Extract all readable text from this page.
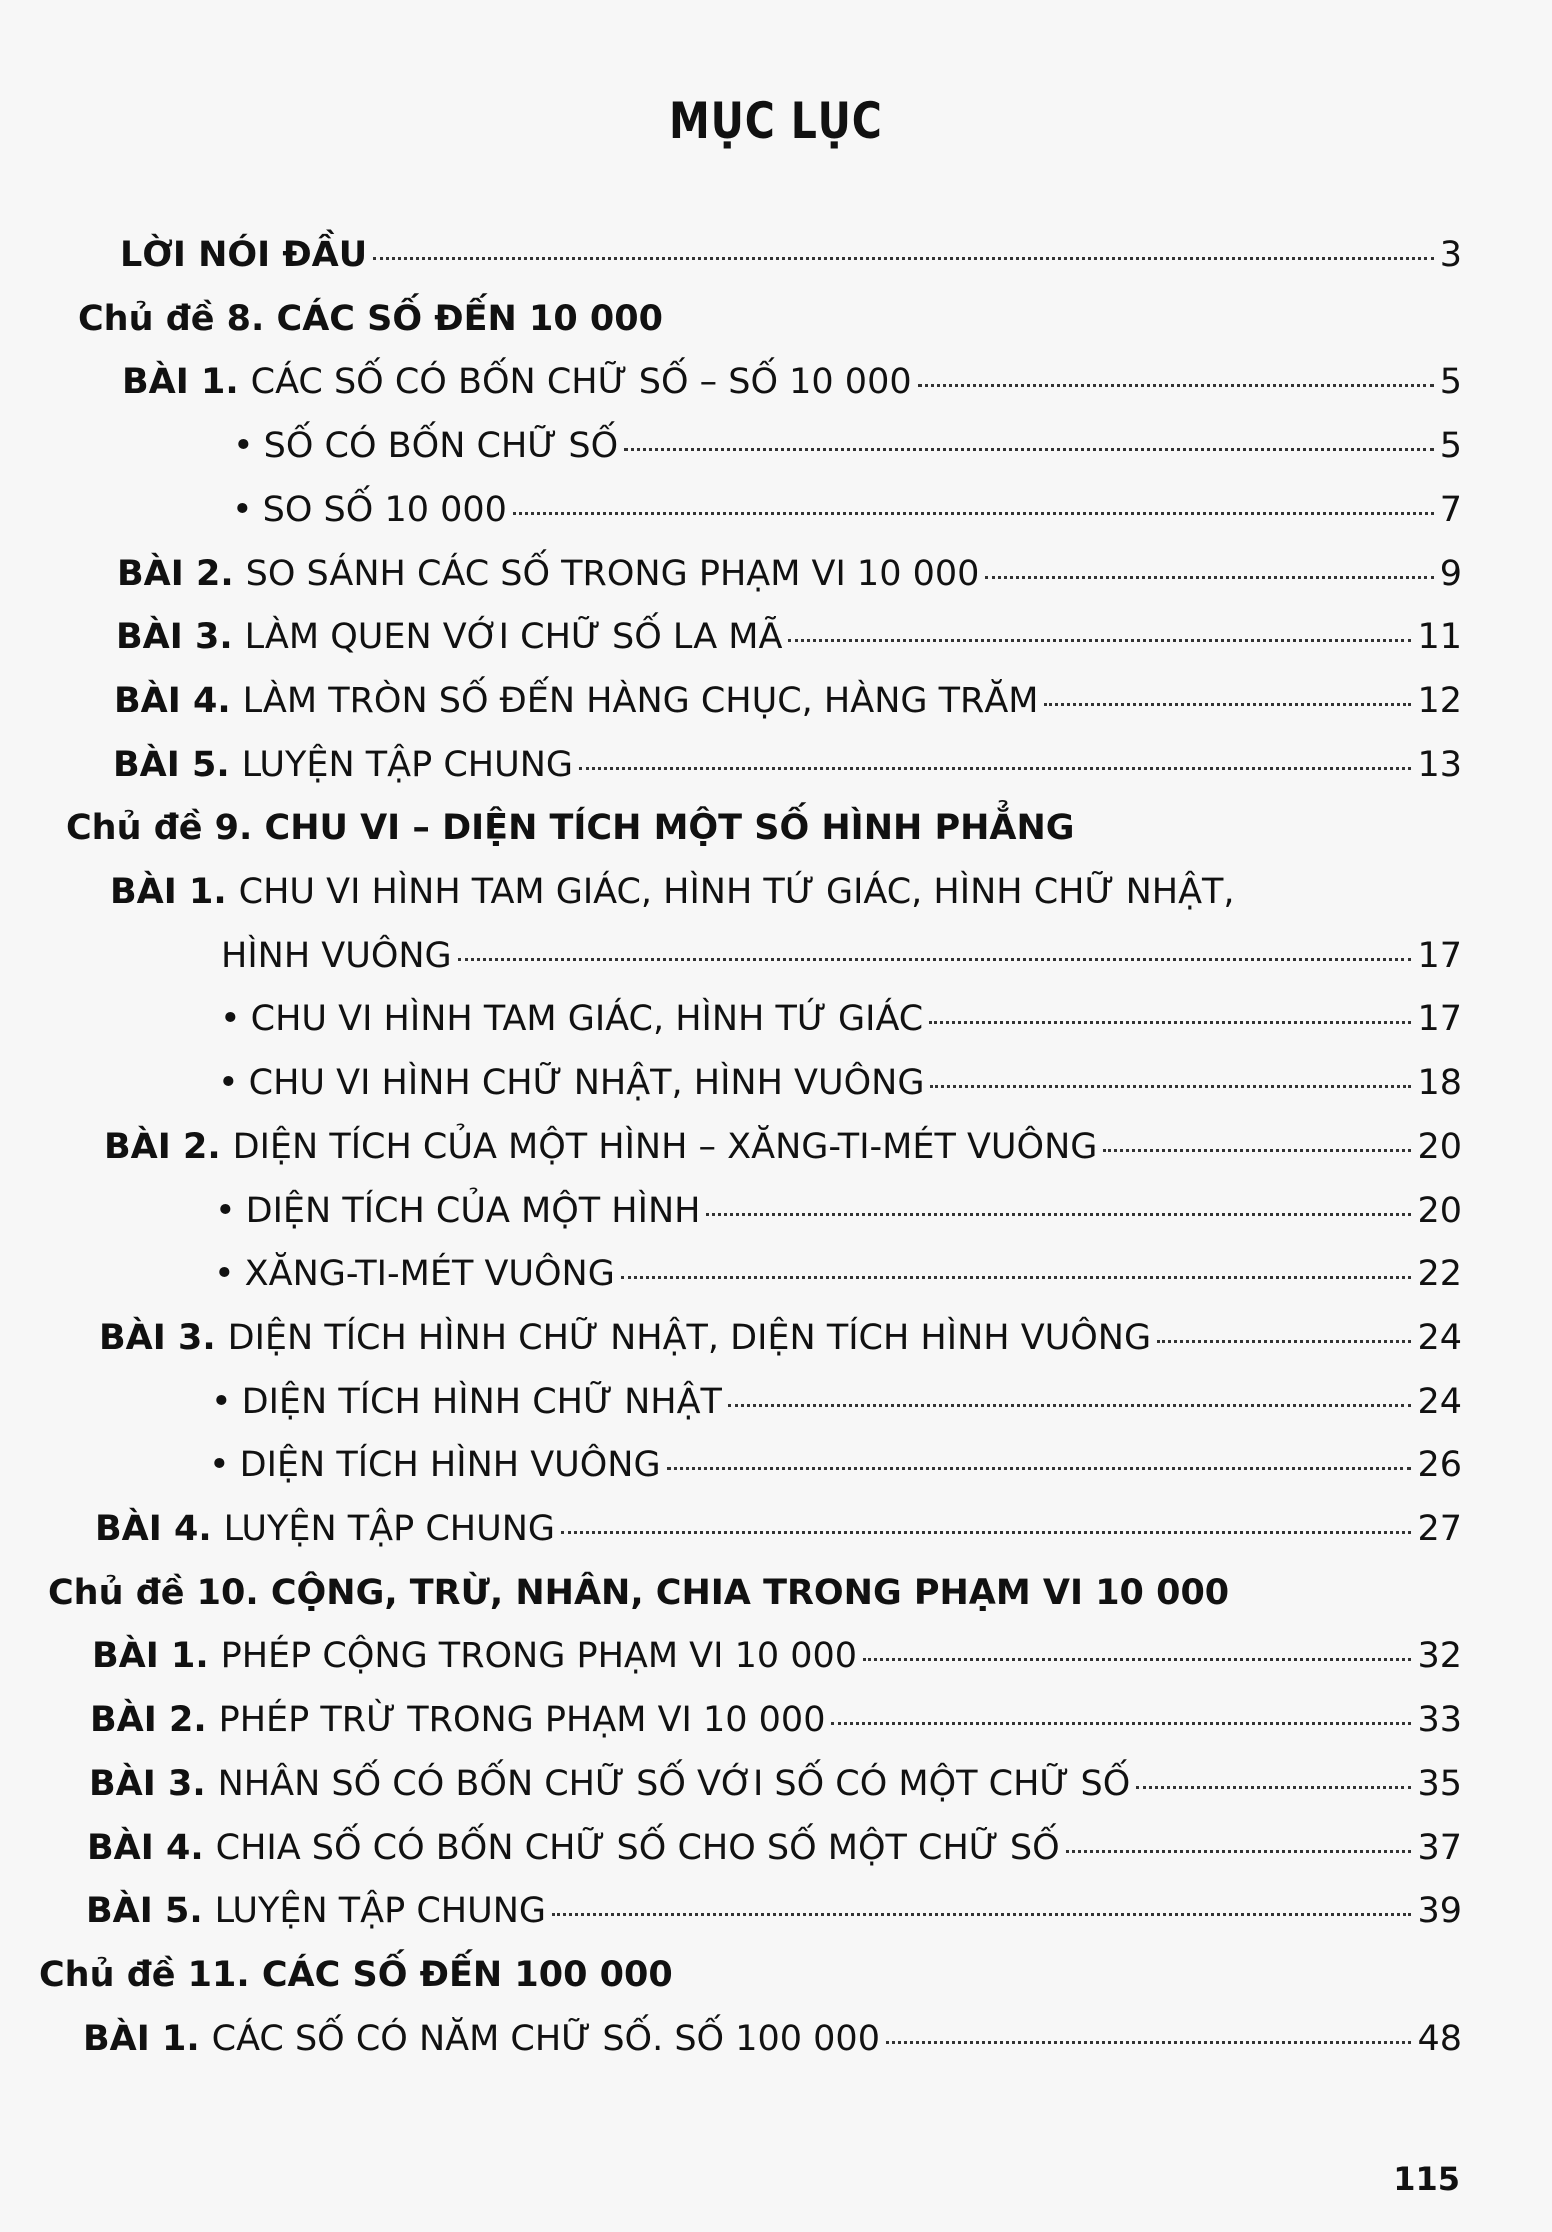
MỤC LỤC
LỜI NÓI ĐẦU	3
Chủ đề 8. CÁC SỐ ĐẾN 10 000
BÀI 1. CÁC SỐ CÓ BỐN CHỮ SỐ – SỐ 10 000	5
• SỐ CÓ BỐN CHỮ SỐ	5
• SO SỐ 10 000	7
BÀI 2. SO SÁNH CÁC SỐ TRONG PHẠM VI 10 000	9
BÀI 3. LÀM QUEN VỚI CHỮ SỐ LA MÃ	11
BÀI 4. LÀM TRÒN SỐ ĐẾN HÀNG CHỤC, HÀNG TRĂM	12
BÀI 5. LUYỆN TẬP CHUNG	13
Chủ đề 9. CHU VI – DIỆN TÍCH MỘT SỐ HÌNH PHẲNG
BÀI 1. CHU VI HÌNH TAM GIÁC, HÌNH TỨ GIÁC, HÌNH CHỮ NHẬT,
HÌNH VUÔNG	17
• CHU VI HÌNH TAM GIÁC, HÌNH TỨ GIÁC	17
• CHU VI HÌNH CHỮ NHẬT, HÌNH VUÔNG	18
BÀI 2. DIỆN TÍCH CỦA MỘT HÌNH – XĂNG-TI-MÉT VUÔNG	20
• DIỆN TÍCH CỦA MỘT HÌNH	20
• XĂNG-TI-MÉT VUÔNG	22
BÀI 3. DIỆN TÍCH HÌNH CHỮ NHẬT, DIỆN TÍCH HÌNH VUÔNG	24
• DIỆN TÍCH HÌNH CHỮ NHẬT	24
• DIỆN TÍCH HÌNH VUÔNG	26
BÀI 4. LUYỆN TẬP CHUNG	27
Chủ đề 10. CỘNG, TRỪ, NHÂN, CHIA TRONG PHẠM VI 10 000
BÀI 1. PHÉP CỘNG TRONG PHẠM VI 10 000	32
BÀI 2. PHÉP TRỪ TRONG PHẠM VI 10 000	33
BÀI 3. NHÂN SỐ CÓ BỐN CHỮ SỐ VỚI SỐ CÓ MỘT CHỮ SỐ	35
BÀI 4. CHIA SỐ CÓ BỐN CHỮ SỐ CHO SỐ MỘT CHỮ SỐ	37
BÀI 5. LUYỆN TẬP CHUNG	39
Chủ đề 11. CÁC SỐ ĐẾN 100 000
BÀI 1. CÁC SỐ CÓ NĂM CHỮ SỐ. SỐ 100 000	48
115
